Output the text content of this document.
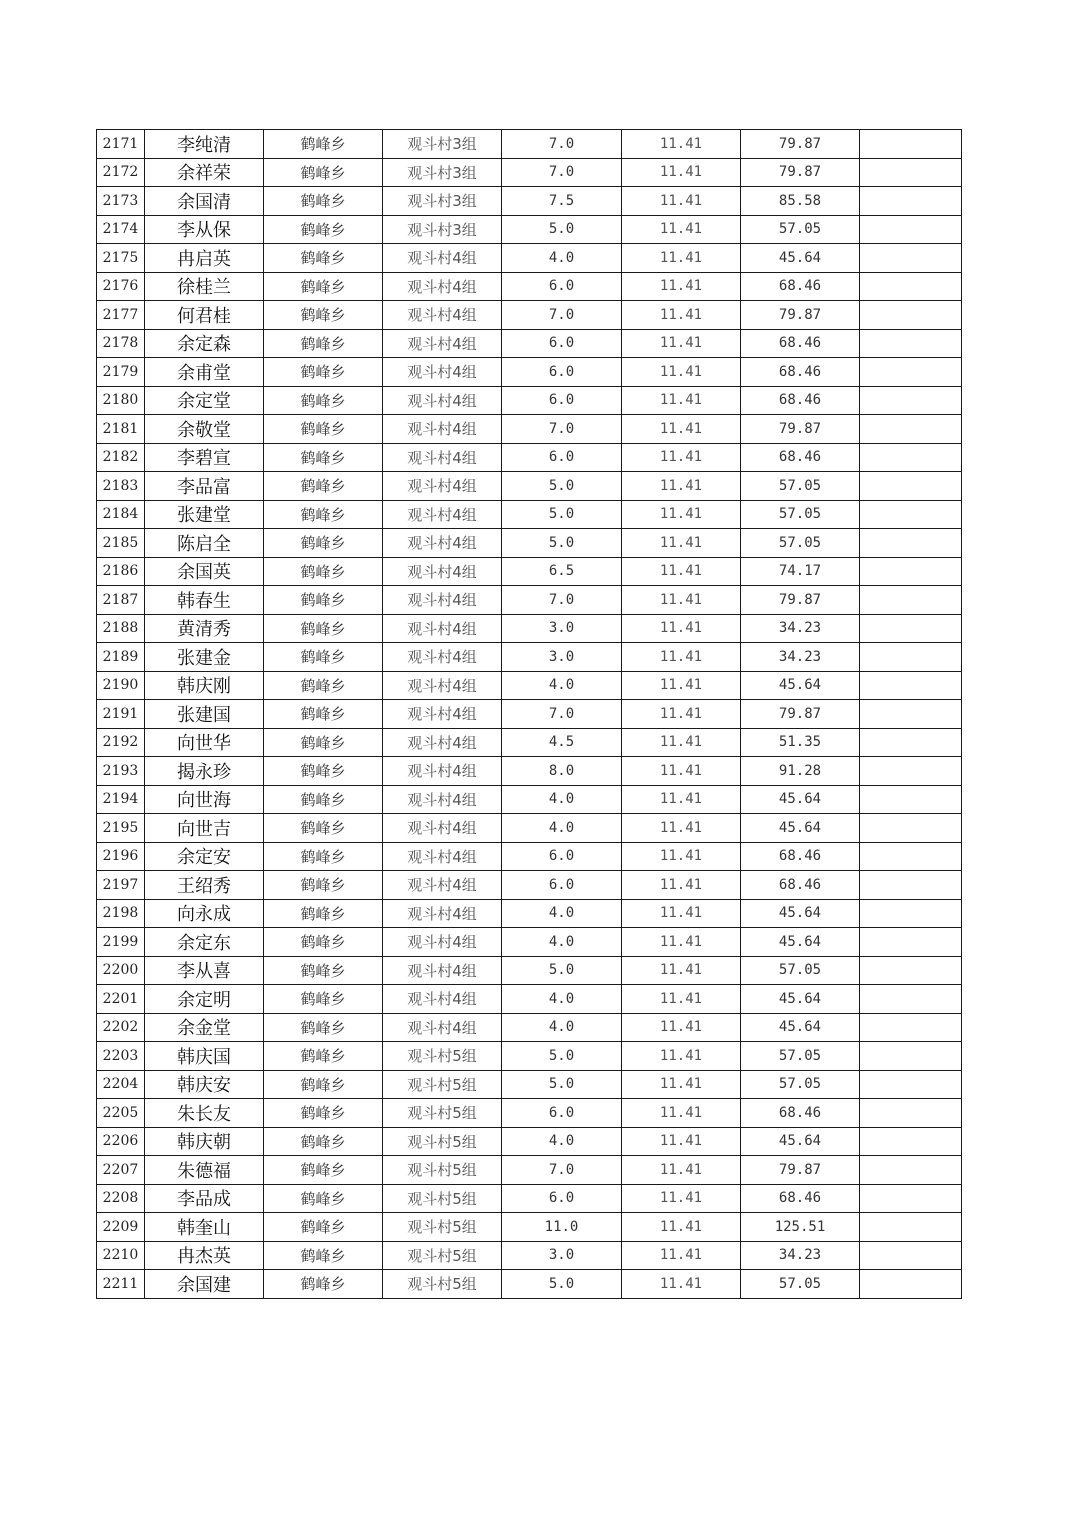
2171	李纯清	鹤峰乡	观斗村3组	7.0	11.41	79.87	
2172	余祥荣	鹤峰乡	观斗村3组	7.0	11.41	79.87	
2173	余国清	鹤峰乡	观斗村3组	7.5	11.41	85.58	
2174	李从保	鹤峰乡	观斗村3组	5.0	11.41	57.05	
2175	冉启英	鹤峰乡	观斗村4组	4.0	11.41	45.64	
2176	徐桂兰	鹤峰乡	观斗村4组	6.0	11.41	68.46	
2177	何君桂	鹤峰乡	观斗村4组	7.0	11.41	79.87	
2178	余定森	鹤峰乡	观斗村4组	6.0	11.41	68.46	
2179	余甫堂	鹤峰乡	观斗村4组	6.0	11.41	68.46	
2180	余定堂	鹤峰乡	观斗村4组	6.0	11.41	68.46	
2181	余敬堂	鹤峰乡	观斗村4组	7.0	11.41	79.87	
2182	李碧宣	鹤峰乡	观斗村4组	6.0	11.41	68.46	
2183	李品富	鹤峰乡	观斗村4组	5.0	11.41	57.05	
2184	张建堂	鹤峰乡	观斗村4组	5.0	11.41	57.05	
2185	陈启全	鹤峰乡	观斗村4组	5.0	11.41	57.05	
2186	余国英	鹤峰乡	观斗村4组	6.5	11.41	74.17	
2187	韩春生	鹤峰乡	观斗村4组	7.0	11.41	79.87	
2188	黄清秀	鹤峰乡	观斗村4组	3.0	11.41	34.23	
2189	张建金	鹤峰乡	观斗村4组	3.0	11.41	34.23	
2190	韩庆刚	鹤峰乡	观斗村4组	4.0	11.41	45.64	
2191	张建国	鹤峰乡	观斗村4组	7.0	11.41	79.87	
2192	向世华	鹤峰乡	观斗村4组	4.5	11.41	51.35	
2193	揭永珍	鹤峰乡	观斗村4组	8.0	11.41	91.28	
2194	向世海	鹤峰乡	观斗村4组	4.0	11.41	45.64	
2195	向世吉	鹤峰乡	观斗村4组	4.0	11.41	45.64	
2196	余定安	鹤峰乡	观斗村4组	6.0	11.41	68.46	
2197	王绍秀	鹤峰乡	观斗村4组	6.0	11.41	68.46	
2198	向永成	鹤峰乡	观斗村4组	4.0	11.41	45.64	
2199	余定东	鹤峰乡	观斗村4组	4.0	11.41	45.64	
2200	李从喜	鹤峰乡	观斗村4组	5.0	11.41	57.05	
2201	余定明	鹤峰乡	观斗村4组	4.0	11.41	45.64	
2202	余金堂	鹤峰乡	观斗村4组	4.0	11.41	45.64	
2203	韩庆国	鹤峰乡	观斗村5组	5.0	11.41	57.05	
2204	韩庆安	鹤峰乡	观斗村5组	5.0	11.41	57.05	
2205	朱长友	鹤峰乡	观斗村5组	6.0	11.41	68.46	
2206	韩庆朝	鹤峰乡	观斗村5组	4.0	11.41	45.64	
2207	朱德福	鹤峰乡	观斗村5组	7.0	11.41	79.87	
2208	李品成	鹤峰乡	观斗村5组	6.0	11.41	68.46	
2209	韩奎山	鹤峰乡	观斗村5组	11.0	11.41	125.51	
2210	冉杰英	鹤峰乡	观斗村5组	3.0	11.41	34.23	
2211	余国建	鹤峰乡	观斗村5组	5.0	11.41	57.05	
